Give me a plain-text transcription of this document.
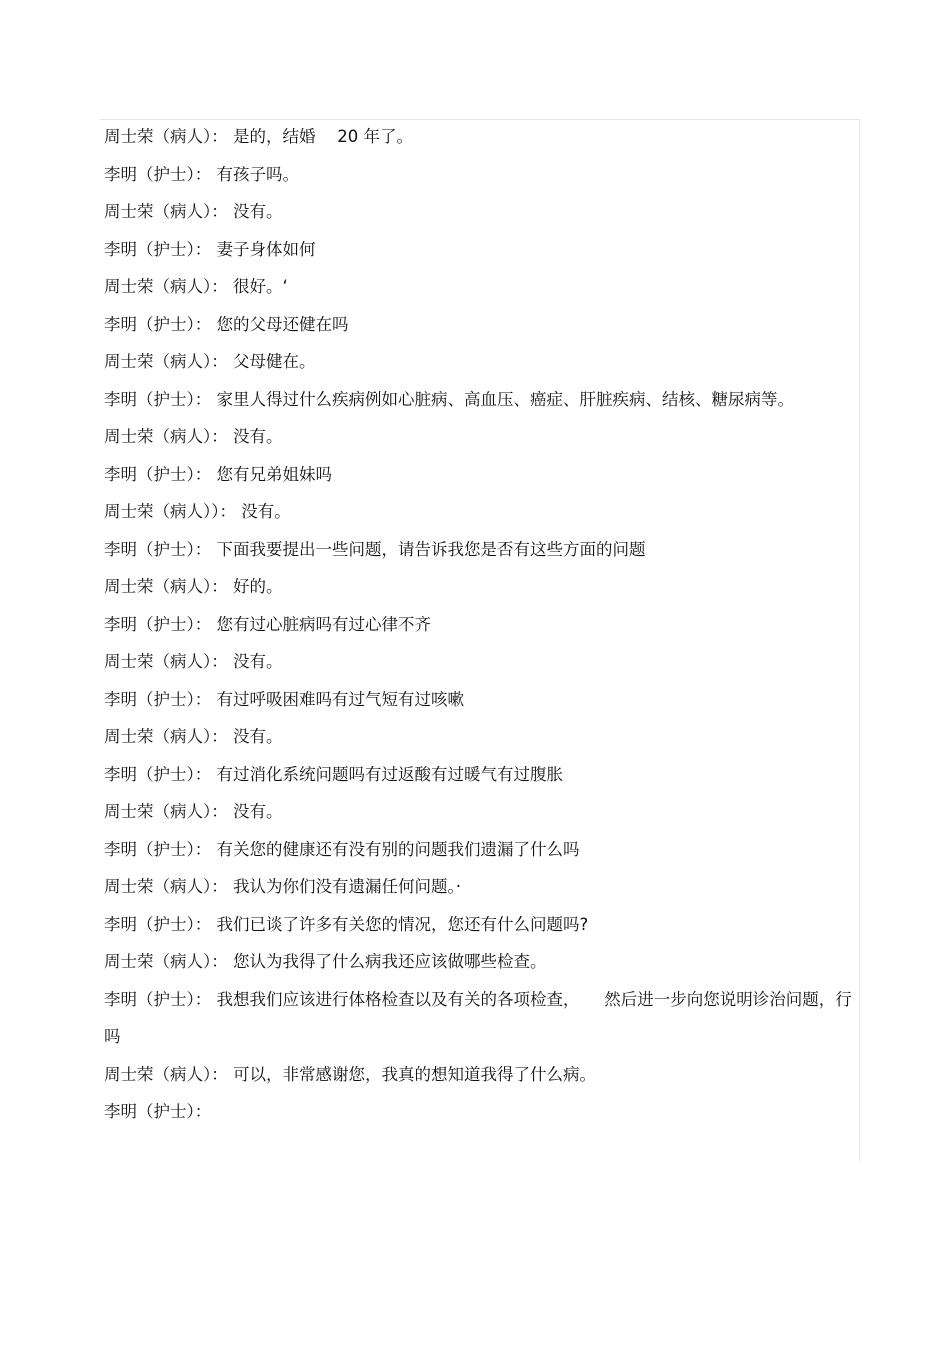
周士荣（病人）： 是的，结婚　 20 年了。
李明（护士）： 有孩子吗。
周士荣（病人）： 没有。
李明（护士）： 妻子身体如何
周士荣（病人）： 很好。‘
李明（护士）： 您的父母还健在吗
周士荣（病人）： 父母健在。
李明（护士）： 家里人得过什么疾病例如心脏病、高血压、癌症、肝脏疾病、结核、糖尿病等。
周士荣（病人）： 没有。
李明（护士）： 您有兄弟姐妹吗
周士荣（病人））： 没有。
李明（护士）： 下面我要提出一些问题，请告诉我您是否有这些方面的问题
周士荣（病人）： 好的。
李明（护士）： 您有过心脏病吗有过心律不齐
周士荣（病人）： 没有。
李明（护士）： 有过呼吸困难吗有过气短有过咳嗽
周士荣（病人）： 没有。
李明（护士）： 有过消化系统问题吗有过返酸有过暖气有过腹胀
周士荣（病人）： 没有。
李明（护士）： 有关您的健康还有没有别的问题我们遗漏了什么吗
周士荣（病人）： 我认为你们没有遗漏任何问题。·
李明（护士）： 我们已谈了许多有关您的情况，您还有什么问题吗?
周士荣（病人）： 您认为我得了什么病我还应该做哪些检查。
李明（护士）： 我想我们应该进行体格检查以及有关的各项检查，　　然后进一步向您说明诊治问题，行吗
周士荣（病人）： 可以，非常感谢您，我真的想知道我得了什么病。
李明（护士）：
